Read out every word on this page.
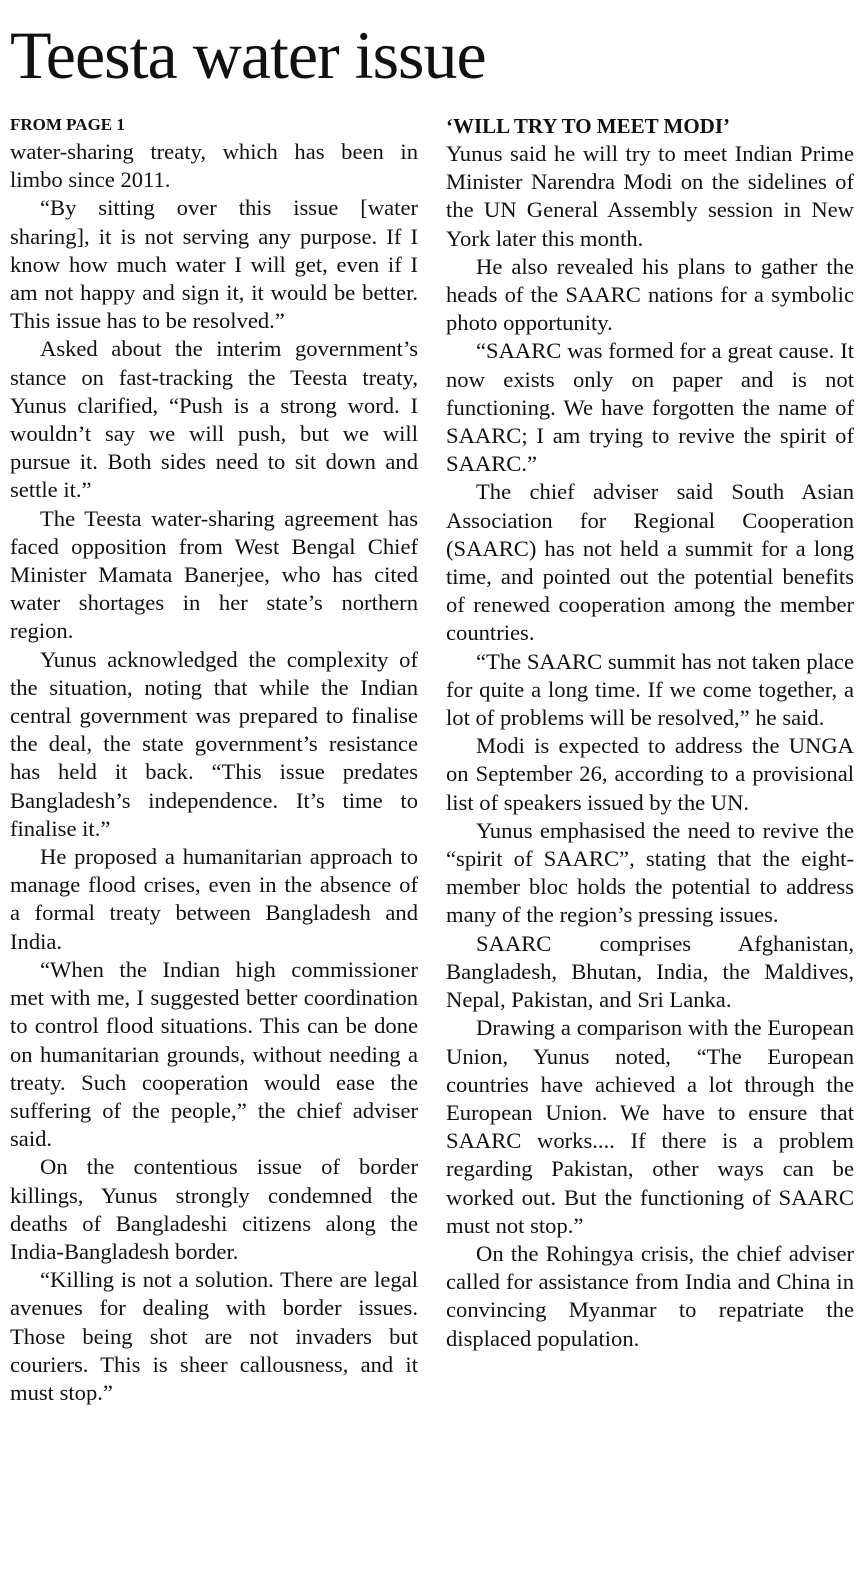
Teesta water issue
FROM PAGE 1

water-sharing treaty, which has been in limbo since 2011.

“By sitting over this issue [water sharing], it is not serving any purpose. If I know how much water I will get, even if I am not happy and sign it, it would be better. This issue has to be resolved.”

Asked about the interim government’s stance on fast-tracking the Teesta treaty, Yunus clarified, “Push is a strong word. I wouldn’t say we will push, but we will pursue it. Both sides need to sit down and settle it.”

The Teesta water-sharing agreement has faced opposition from West Bengal Chief Minister Mamata Banerjee, who has cited water shortages in her state’s northern region.

Yunus acknowledged the complexity of the situation, noting that while the Indian central government was prepared to finalise the deal, the state government’s resistance has held it back. “This issue predates Bangladesh’s independence. It’s time to finalise it.”

He proposed a humanitarian approach to manage flood crises, even in the absence of a formal treaty between Bangladesh and India.

“When the Indian high commissioner met with me, I suggested better coordination to control flood situations. This can be done on humanitarian grounds, without needing a treaty. Such cooperation would ease the suffering of the people,” the chief adviser said.

On the contentious issue of border killings, Yunus strongly condemned the deaths of Bangladeshi citizens along the India-Bangladesh border.

“Killing is not a solution. There are legal avenues for dealing with border issues. Those being shot are not invaders but couriers. This is sheer callousness, and it must stop.”

‘WILL TRY TO MEET MODI’

Yunus said he will try to meet Indian Prime Minister Narendra Modi on the sidelines of the UN General Assembly session in New York later this month.

He also revealed his plans to gather the heads of the SAARC nations for a symbolic photo opportunity.

“SAARC was formed for a great cause. It now exists only on paper and is not functioning. We have forgotten the name of SAARC; I am trying to revive the spirit of SAARC.”

The chief adviser said South Asian Association for Regional Cooperation (SAARC) has not held a summit for a long time, and pointed out the potential benefits of renewed cooperation among the member countries.

“The SAARC summit has not taken place for quite a long time. If we come together, a lot of problems will be resolved,” he said.

Modi is expected to address the UNGA on September 26, according to a provisional list of speakers issued by the UN.

Yunus emphasised the need to revive the “spirit of SAARC”, stating that the eight-member bloc holds the potential to address many of the region’s pressing issues.

SAARC comprises Afghanistan, Bangladesh, Bhutan, India, the Maldives, Nepal, Pakistan, and Sri Lanka.

Drawing a comparison with the European Union, Yunus noted, “The European countries have achieved a lot through the European Union. We have to ensure that SAARC works.... If there is a problem regarding Pakistan, other ways can be worked out. But the functioning of SAARC must not stop.”

On the Rohingya crisis, the chief adviser called for assistance from India and China in convincing Myanmar to repatriate the displaced population.
